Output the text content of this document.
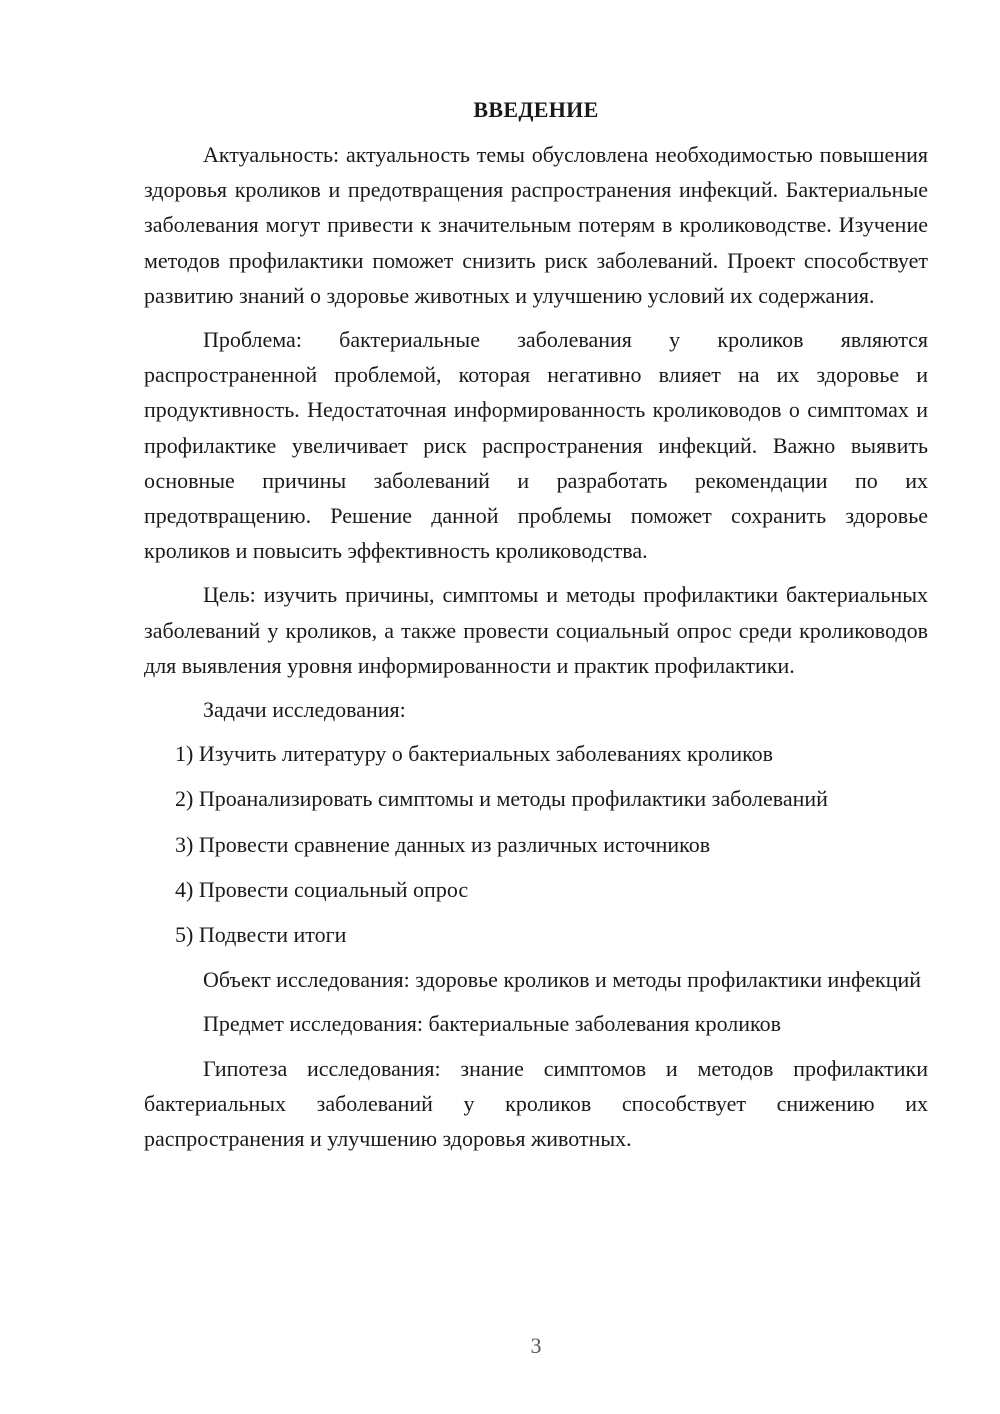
ВВЕДЕНИЕ

Актуальность: актуальность темы обусловлена необходимостью повышения здоровья кроликов и предотвращения распространения инфекций. Бактериальные заболевания могут привести к значительным потерям в кролиководстве. Изучение методов профилактики поможет снизить риск заболеваний. Проект способствует развитию знаний о здоровье животных и улучшению условий их содержания.

Проблема: бактериальные заболевания у кроликов являются распространенной проблемой, которая негативно влияет на их здоровье и продуктивность. Недостаточная информированность кролиководов о симптомах и профилактике увеличивает риск распространения инфекций. Важно выявить основные причины заболеваний и разработать рекомендации по их предотвращению. Решение данной проблемы поможет сохранить здоровье кроликов и повысить эффективность кролиководства.

Цель: изучить причины, симптомы и методы профилактики бактериальных заболеваний у кроликов, а также провести социальный опрос среди кролиководов для выявления уровня информированности и практик профилактики.

Задачи исследования:

1) Изучить литературу о бактериальных заболеваниях кроликов
2) Проанализировать симптомы и методы профилактики заболеваний
3) Провести сравнение данных из различных источников
4) Провести социальный опрос
5) Подвести итоги

Объект исследования: здоровье кроликов и методы профилактики инфекций

Предмет исследования: бактериальные заболевания кроликов

Гипотеза исследования: знание симптомов и методов профилактики бактериальных заболеваний у кроликов способствует снижению их распространения и улучшению здоровья животных.

3
